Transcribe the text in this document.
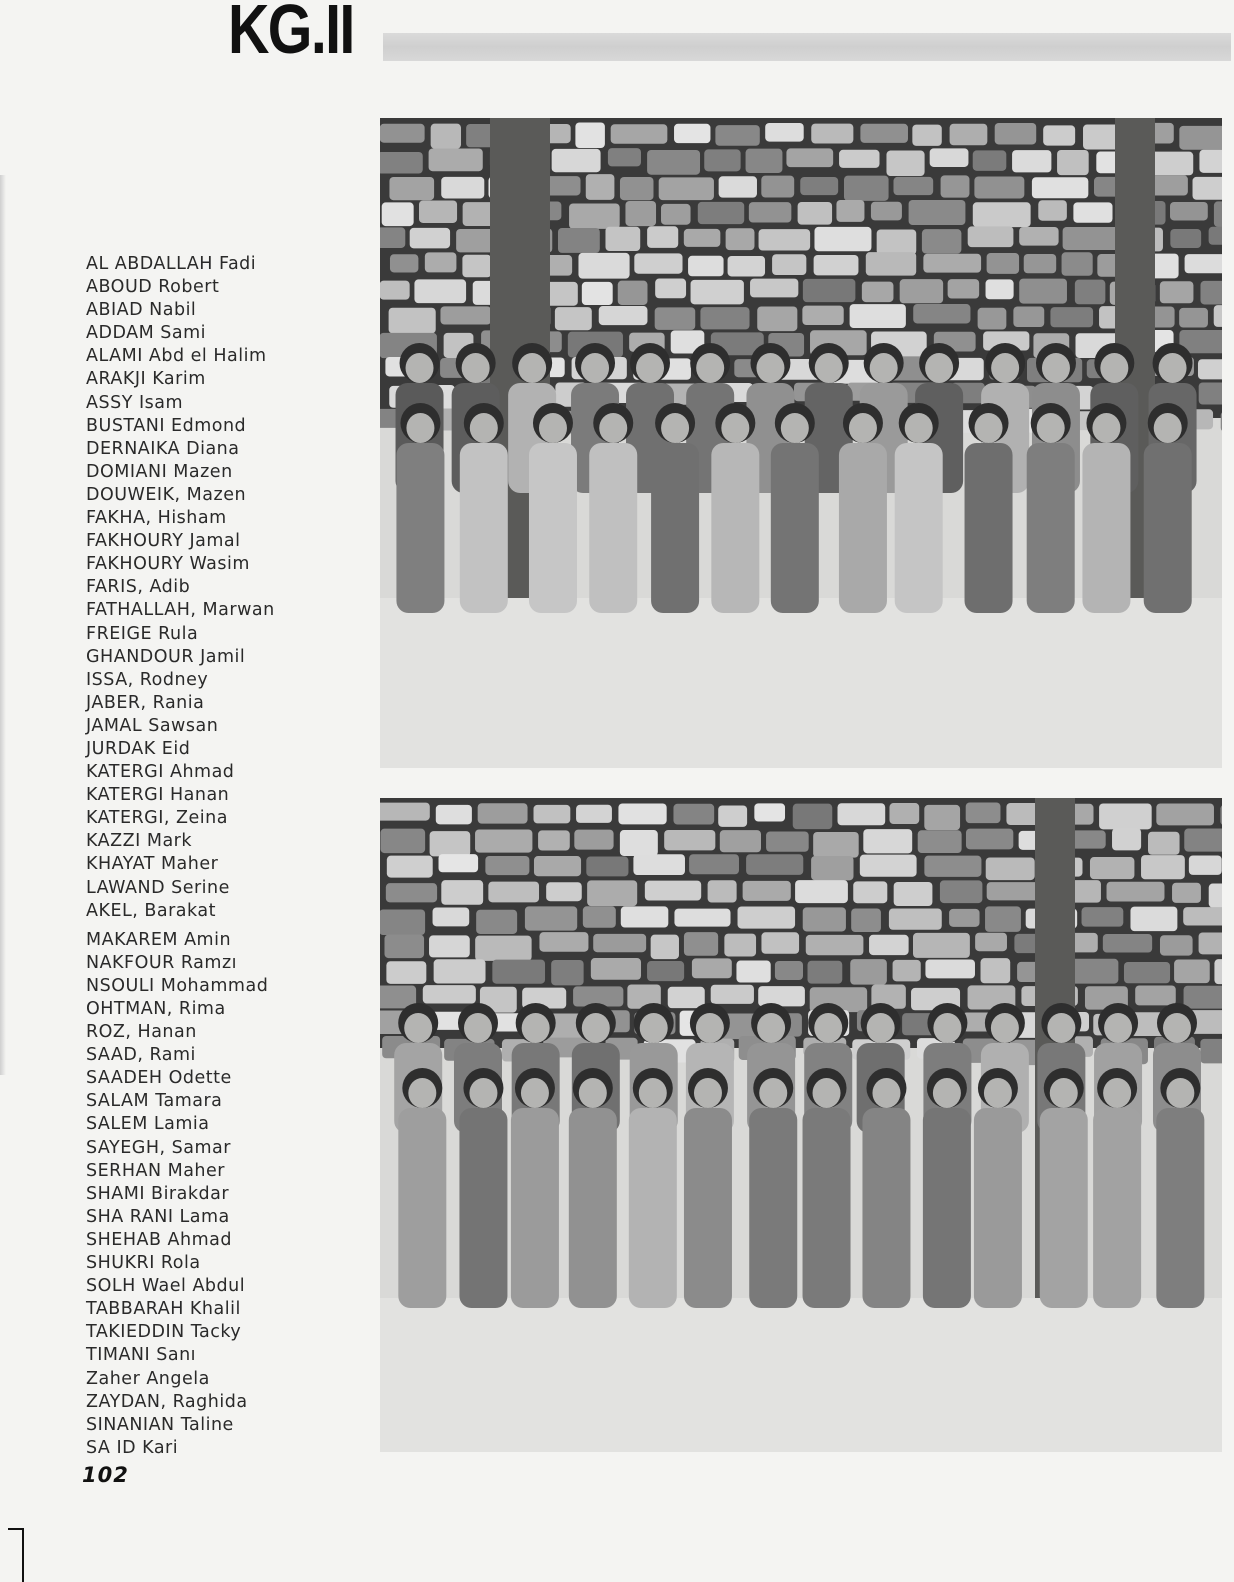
KG.II
AL ABDALLAH Fadi
ABOUD Robert
ABIAD Nabil
ADDAM Sami
ALAMI Abd el Halim
ARAKJI Karim
ASSY Isam
BUSTANI Edmond
DERNAIKA Diana
DOMIANI Mazen
DOUWEIK, Mazen
FAKHA, Hisham
FAKHOURY Jamal
FAKHOURY Wasim
FARIS, Adib
FATHALLAH, Marwan
FREIGE Rula
GHANDOUR Jamil
ISSA, Rodney
JABER, Rania
JAMAL Sawsan
JURDAK Eid
KATERGI Ahmad
KATERGI Hanan
KATERGI, Zeina
KAZZI Mark
KHAYAT Maher
LAWAND Serine
AKEL, Barakat
MAKAREM Amin
NAKFOUR Ramzı
NSOULI Mohammad
OHTMAN, Rima
ROZ, Hanan
SAAD, Rami
SAADEH Odette
SALAM Tamara
SALEM Lamia
SAYEGH, Samar
SERHAN Maher
SHAMI Birakdar
SHA RANI Lama
SHEHAB Ahmad
SHUKRI Rola
SOLH Wael Abdul
TABBARAH Khalil
TAKIEDDIN Tacky
TIMANI Sanı
Zaher Angela
ZAYDAN, Raghida
SINANIAN Taline
SA ID Kari
102
